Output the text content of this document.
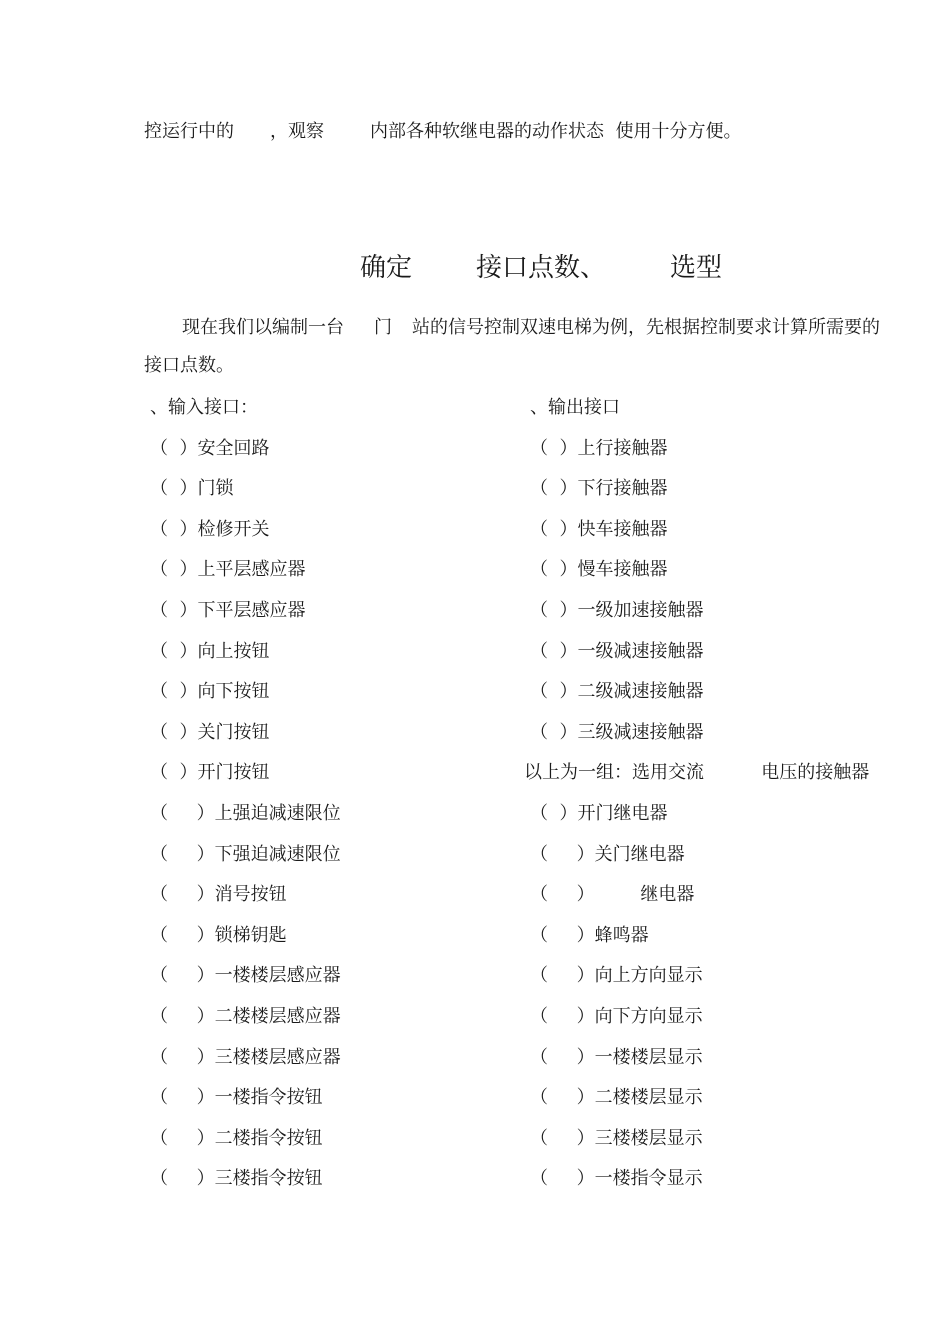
控运行中的 ，观察	内部各种软继电器的动作状态  使用十分方便。
确定 接口点数、 选型
现在我们以编制一台 门 站的信号控制双速电梯为例，先根据控制要求计算所需要的
接口点数。
、输入接口：
（  ）安全回路
（  ）门锁
（  ）检修开关
（  ）上平层感应器
（  ）下平层感应器
（  ）向上按钮
（  ）向下按钮
（  ）关门按钮
（  ）开门按钮
（     ）上强迫减速限位
（     ）下强迫减速限位
（     ）消号按钮
（     ）锁梯钥匙
（     ）一楼楼层感应器
（     ）二楼楼层感应器
（     ）三楼楼层感应器
（     ）一楼指令按钮
（     ）二楼指令按钮
（     ）三楼指令按钮
、输出接口
（  ）上行接触器
（  ）下行接触器
（  ）快车接触器
（  ）慢车接触器
（  ）一级加速接触器
（  ）一级减速接触器
（  ）二级减速接触器
（  ）三级减速接触器
以上为一组：选用交流          电压的接触器
（  ）开门继电器
（     ）关门继电器
（     ）        继电器
（     ）蜂鸣器
（     ）向上方向显示
（     ）向下方向显示
（     ）一楼楼层显示
（     ）二楼楼层显示
（     ）三楼楼层显示
（     ）一楼指令显示
